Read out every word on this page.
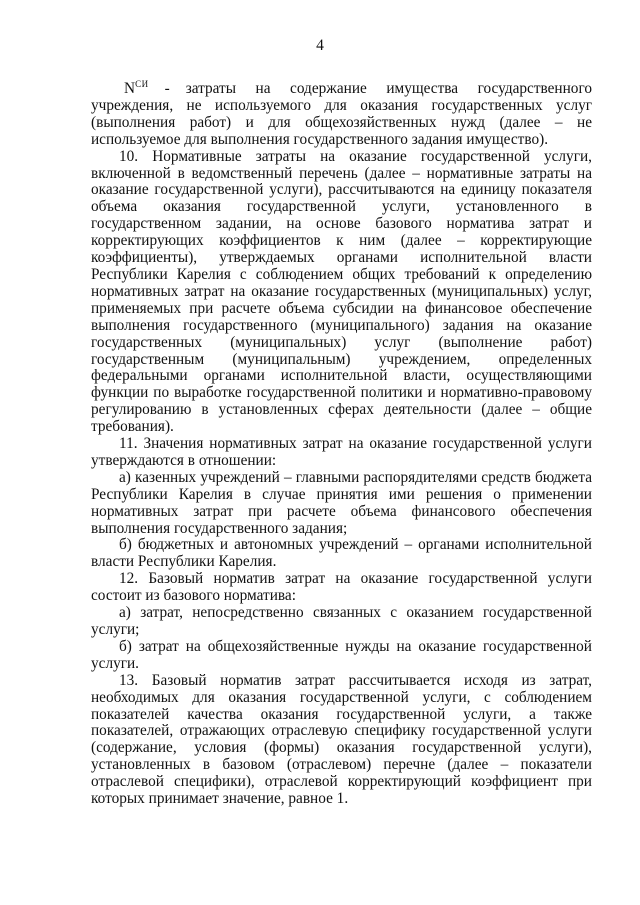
4

$N^{СИ}$ - затраты на содержание имущества государственного учреждения, не используемого для оказания государственных услуг (выполнения работ) и для общехозяйственных нужд (далее – не используемое для выполнения государственного задания имущество).

10. Нормативные затраты на оказание государственной услуги, включенной в ведомственный перечень (далее – нормативные затраты на оказание государственной услуги), рассчитываются на единицу показателя объема оказания государственной услуги, установленного в государственном задании, на основе базового норматива затрат и корректирующих коэффициентов к ним (далее – корректирующие коэффициенты), утверждаемых органами исполнительной власти Республики Карелия с соблюдением общих требований к определению нормативных затрат на оказание государственных (муниципальных) услуг, применяемых при расчете объема субсидии на финансовое обеспечение выполнения государственного (муниципального) задания на оказание государственных (муниципальных) услуг (выполнение работ) государственным (муниципальным) учреждением, определенных федеральными органами исполнительной власти, осуществляющими функции по выработке государственной политики и нормативно-правовому регулированию в установленных сферах деятельности (далее – общие требования).

11. Значения нормативных затрат на оказание государственной услуги утверждаются в отношении:

а) казенных учреждений – главными распорядителями средств бюджета Республики Карелия в случае принятия ими решения о применении нормативных затрат при расчете объема финансового обеспечения выполнения государственного задания;

б) бюджетных и автономных учреждений – органами исполнительной власти Республики Карелия.

12. Базовый норматив затрат на оказание государственной услуги состоит из базового норматива:

а) затрат, непосредственно связанных с оказанием государственной услуги;

б) затрат на общехозяйственные нужды на оказание государственной услуги.

13. Базовый норматив затрат рассчитывается исходя из затрат, необходимых для оказания государственной услуги, с соблюдением показателей качества оказания государственной услуги, а также показателей, отражающих отраслевую специфику государственной услуги (содержание, условия (формы) оказания государственной услуги), установленных в базовом (отраслевом) перечне (далее – показатели отраслевой специфики), отраслевой корректирующий коэффициент при которых принимает значение, равное 1.
